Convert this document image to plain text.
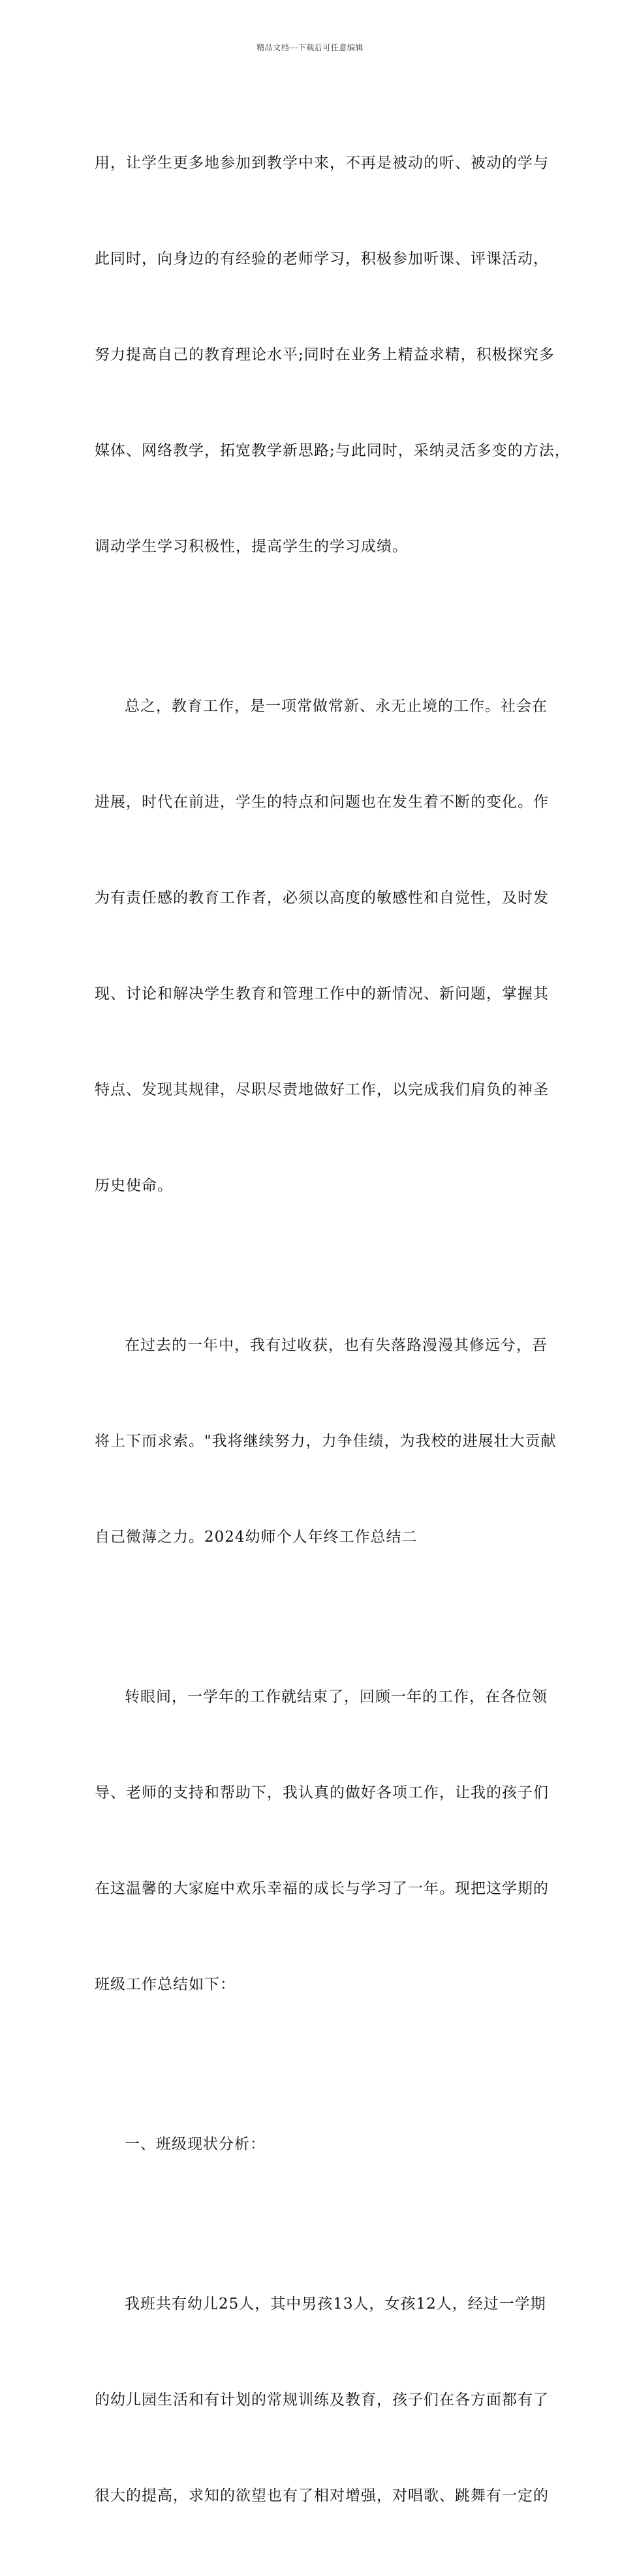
精品文档---下载后可任意编辑

用，让学生更多地参加到教学中来，不再是被动的听、被动的学与

此同时，向身边的有经验的老师学习，积极参加听课、评课活动，

努力提高自己的教育理论水平;同时在业务上精益求精，积极探究多

媒体、网络教学，拓宽教学新思路;与此同时，采纳灵活多变的方法，

调动学生学习积极性，提高学生的学习成绩。

总之，教育工作，是一项常做常新、永无止境的工作。社会在

进展，时代在前进，学生的特点和问题也在发生着不断的变化。作

为有责任感的教育工作者，必须以高度的敏感性和自觉性，及时发

现、讨论和解决学生教育和管理工作中的新情况、新问题，掌握其

特点、发现其规律，尽职尽责地做好工作，以完成我们肩负的神圣

历史使命。

在过去的一年中，我有过收获，也有失落路漫漫其修远兮，吾

将上下而求索。"我将继续努力，力争佳绩，为我校的进展壮大贡献

自己微薄之力。2024幼师个人年终工作总结二

转眼间，一学年的工作就结束了，回顾一年的工作，在各位领

导、老师的支持和帮助下，我认真的做好各项工作，让我的孩子们

在这温馨的大家庭中欢乐幸福的成长与学习了一年。现把这学期的

班级工作总结如下：

一、班级现状分析：

我班共有幼儿25人，其中男孩13人，女孩12人，经过一学期

的幼儿园生活和有计划的常规训练及教育，孩子们在各方面都有了

很大的提高，求知的欲望也有了相对增强，对唱歌、跳舞有一定的
